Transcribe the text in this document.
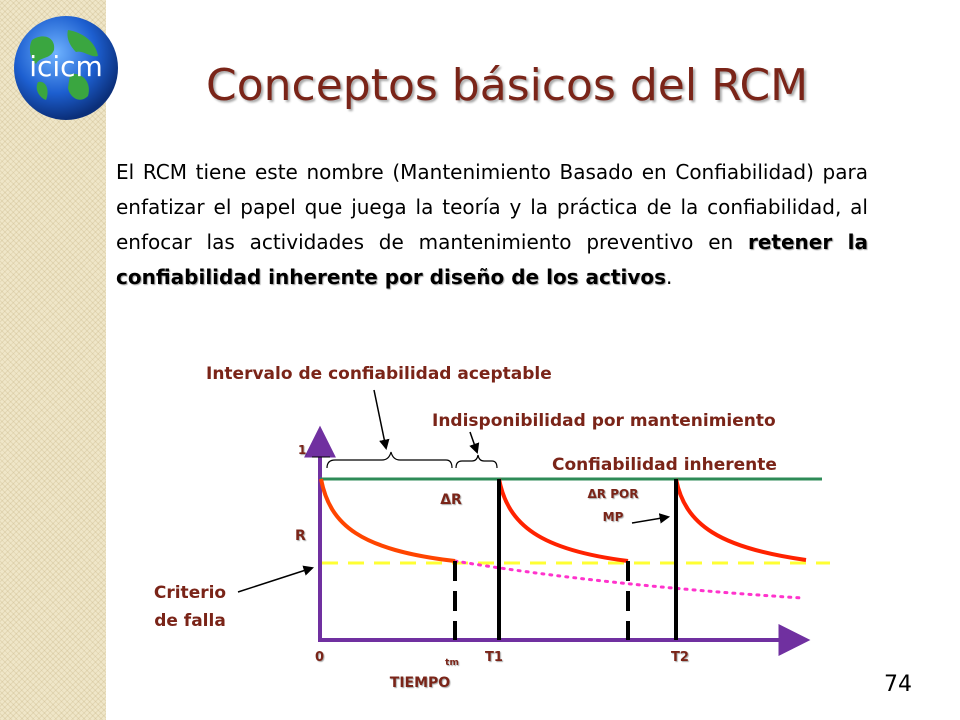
icicm Conceptos básicos del RCM

El RCM tiene este nombre (Mantenimiento Basado en Confiabilidad) para enfatizar el papel que juega la teoría y la práctica de la confiabilidad, al enfocar las actividades de mantenimiento preventivo en retener la confiabilidad inherente por diseño de los activos.

Intervalo de confiabilidad aceptable
Indisponibilidad por mantenimiento
Confiabilidad inherente
Criterio
de falla
ΔR	ΔR POR
MP
1
R
0	tm T1	T2
TIEMPO	74
